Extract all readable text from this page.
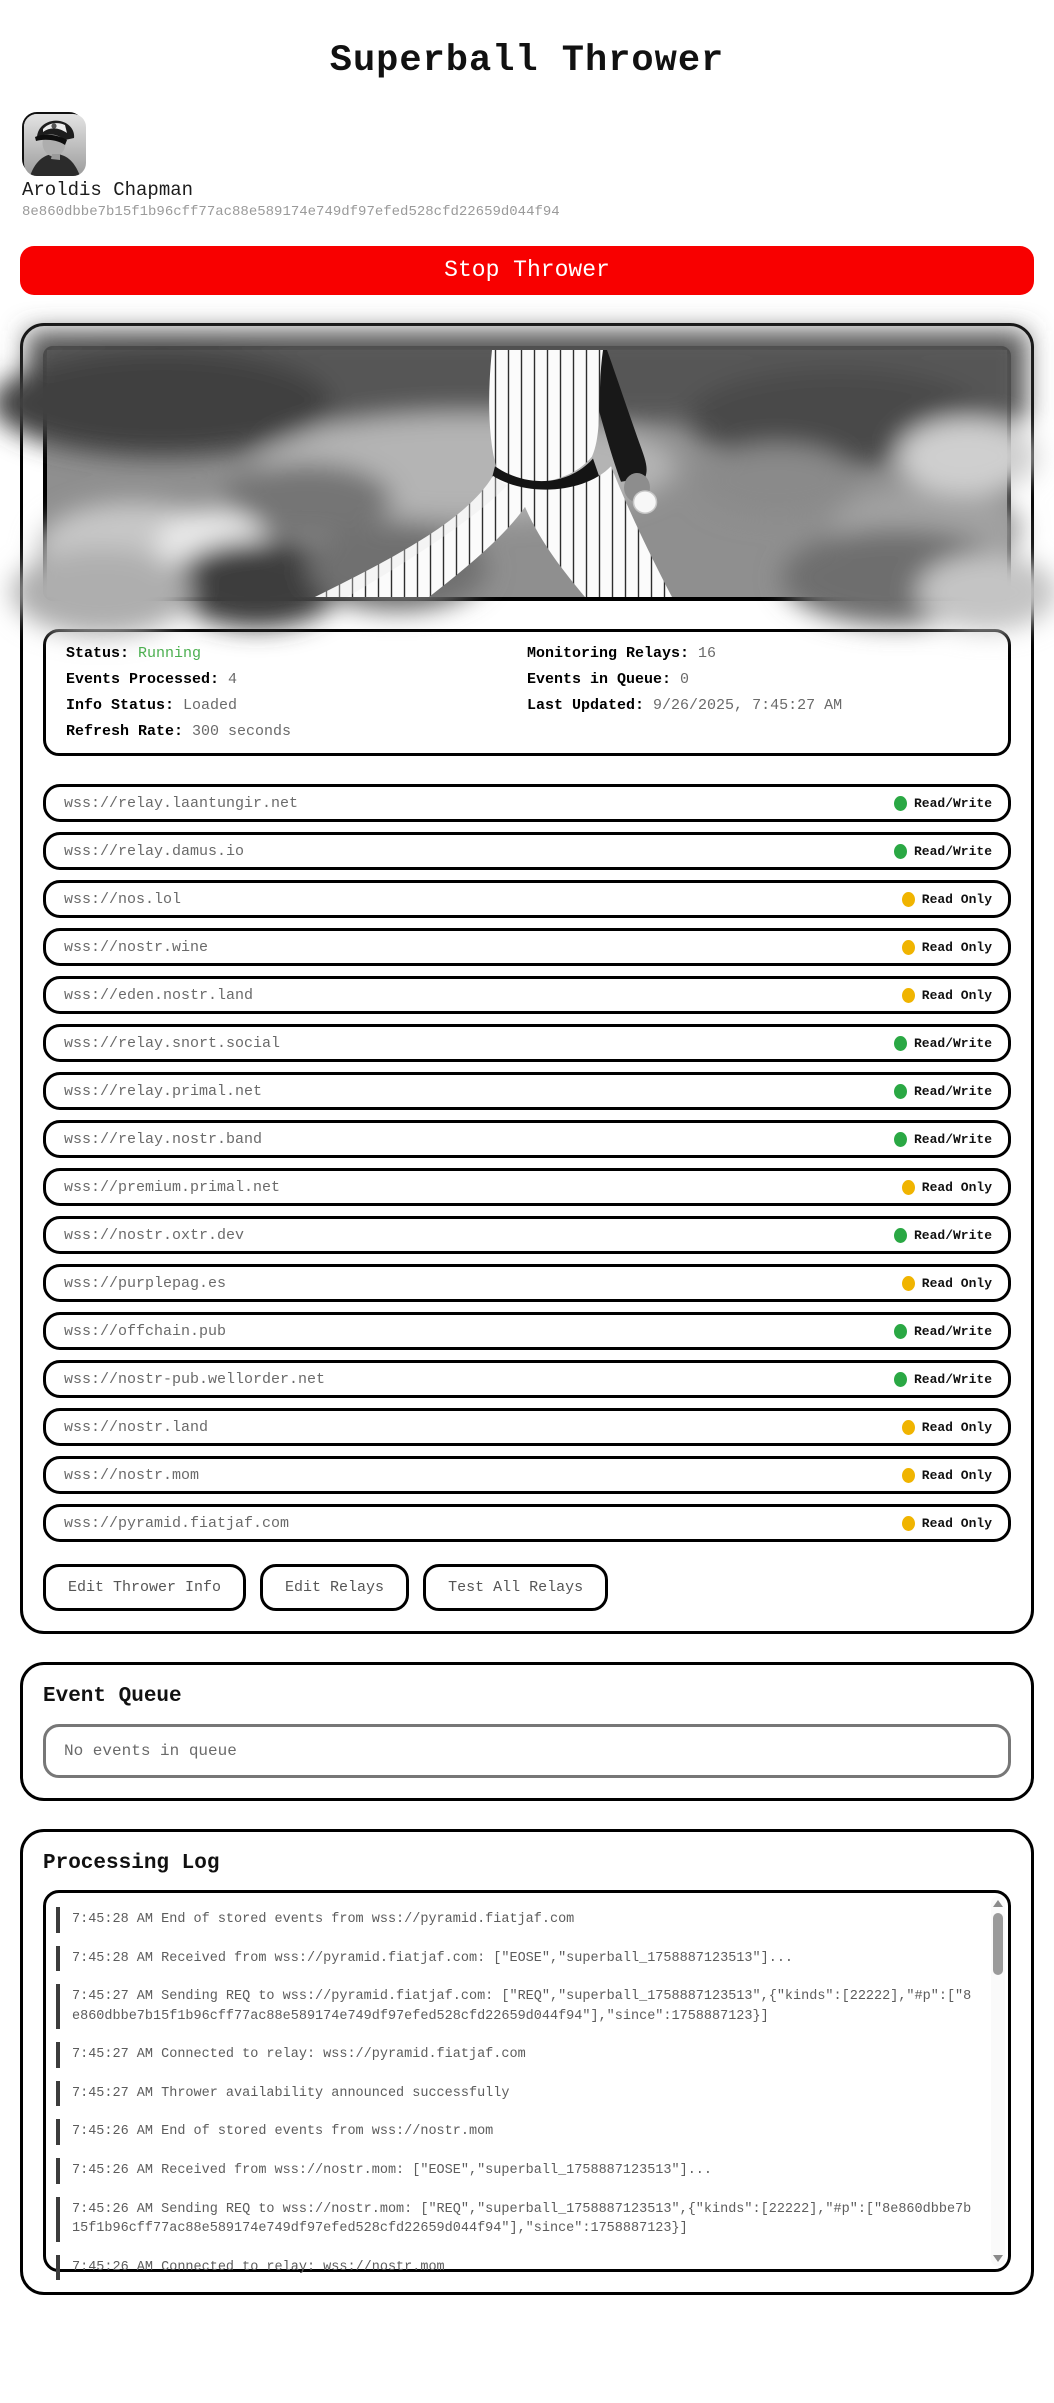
Superball Thrower
Aroldis Chapman
8e860dbbe7b15f1b96cff77ac88e589174e749df97efed528cfd22659d044f94
Stop Thrower
Status: Running	Monitoring Relays: 16
Events Processed: 4	Events in Queue: 0
Info Status: Loaded	Last Updated: 9/26/2025, 7:45:27 AM
Refresh Rate: 300 seconds
wss://relay.laantungir.net	Read/Write
wss://relay.damus.io	Read/Write
wss://nos.lol	Read Only
wss://nostr.wine	Read Only
wss://eden.nostr.land	Read Only
wss://relay.snort.social	Read/Write
wss://relay.primal.net	Read/Write
wss://relay.nostr.band	Read/Write
wss://premium.primal.net	Read Only
wss://nostr.oxtr.dev	Read/Write
wss://purplepag.es	Read Only
wss://offchain.pub	Read/Write
wss://nostr-pub.wellorder.net	Read/Write
wss://nostr.land	Read Only
wss://nostr.mom	Read Only
wss://pyramid.fiatjaf.com	Read Only
Edit Thrower Info	Edit Relays	Test All Relays
Event Queue
No events in queue
Processing Log
7:45:28 AM End of stored events from wss://pyramid.fiatjaf.com
7:45:28 AM Received from wss://pyramid.fiatjaf.com: ["EOSE","superball_1758887123513"]...
7:45:27 AM Sending REQ to wss://pyramid.fiatjaf.com: ["REQ","superball_1758887123513",{"kinds":[22222],"#p":["8e860dbbe7b15f1b96cff77ac88e589174e749df97efed528cfd22659d044f94"],"since":1758887123}]
7:45:27 AM Connected to relay: wss://pyramid.fiatjaf.com
7:45:27 AM Thrower availability announced successfully
7:45:26 AM End of stored events from wss://nostr.mom
7:45:26 AM Received from wss://nostr.mom: ["EOSE","superball_1758887123513"]...
7:45:26 AM Sending REQ to wss://nostr.mom: ["REQ","superball_1758887123513",{"kinds":[22222],"#p":["8e860dbbe7b15f1b96cff77ac88e589174e749df97efed528cfd22659d044f94"],"since":1758887123}]
7:45:26 AM Connected to relay: wss://nostr.mom
